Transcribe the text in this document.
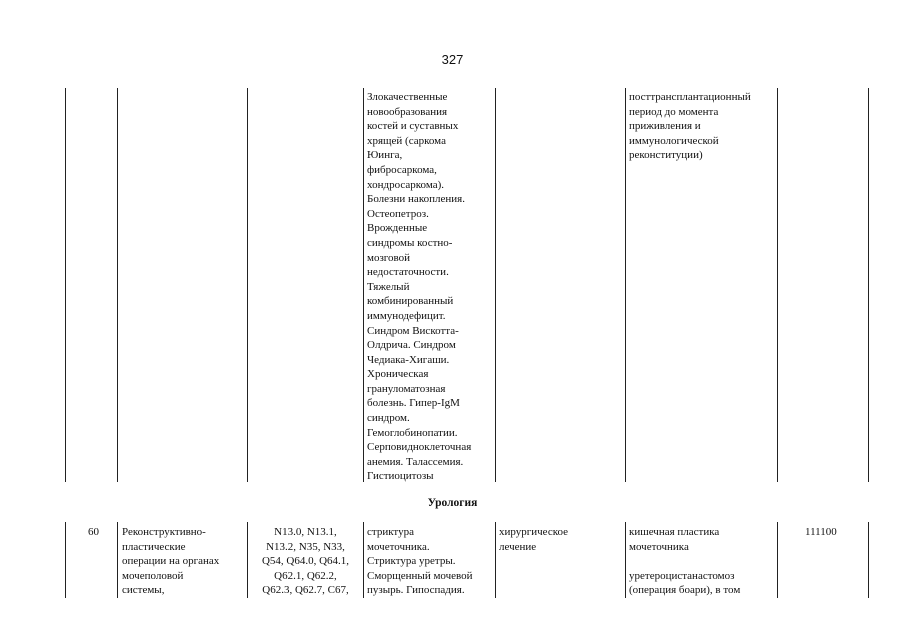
327
Злокачественные
новообразования
костей и суставных
хрящей (саркома
Юинга,
фибросаркома,
хондросаркома).
Болезни накопления.
Остеопетроз.
Врожденные
синдромы костно-
мозговой
недостаточности.
Тяжелый
комбинированный
иммунодефицит.
Синдром Вискотта-
Олдрича. Синдром
Чедиака-Хигаши.
Хроническая
грануломатозная
болезнь. Гипер-IgM
синдром.
Гемоглобинопатии.
Серповидноклеточная
анемия. Талассемия.
Гистиоцитозы
посттрансплантационный
период до момента
приживления и
иммунологической
реконституции)
Урология
60	Реконструктивно-
пластические
операции на органах
мочеполовой
системы,
N13.0, N13.1,
N13.2, N35, N33,
Q54, Q64.0, Q64.1,
Q62.1, Q62.2,
Q62.3, Q62.7, C67,
стриктура
мочеточника.
Стриктура уретры.
Сморщенный мочевой
пузырь. Гипоспадия.
хирургическое
лечение
кишечная пластика
мочеточника

уретероцистанастомоз
(операция боари), в том
111100
